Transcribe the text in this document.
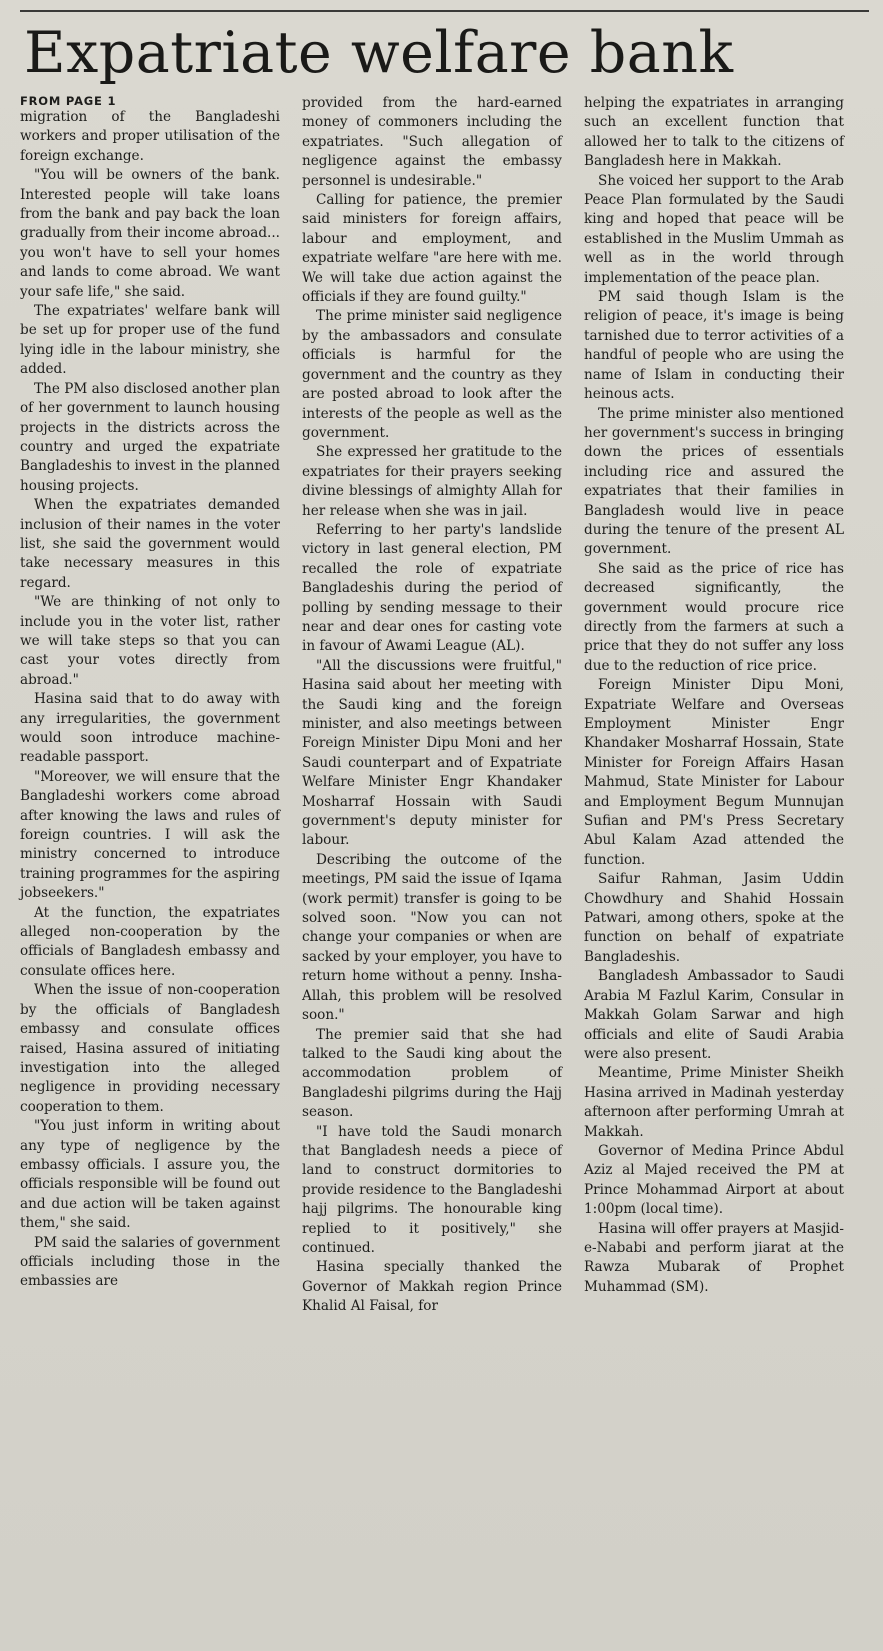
Expatriate welfare bank
FROM PAGE 1

migration of the Bangladeshi workers and proper utilisation of the foreign exchange.

"You will be owners of the bank. Interested people will take loans from the bank and pay back the loan gradually from their income abroad... you won't have to sell your homes and lands to come abroad. We want your safe life," she said.

The expatriates' welfare bank will be set up for proper use of the fund lying idle in the labour ministry, she added.

The PM also disclosed another plan of her government to launch housing projects in the districts across the country and urged the expatriate Bangladeshis to invest in the planned housing projects.

When the expatriates demanded inclusion of their names in the voter list, she said the government would take necessary measures in this regard.

"We are thinking of not only to include you in the voter list, rather we will take steps so that you can cast your votes directly from abroad."

Hasina said that to do away with any irregularities, the government would soon introduce machine-readable passport.

"Moreover, we will ensure that the Bangladeshi workers come abroad after knowing the laws and rules of foreign countries. I will ask the ministry concerned to introduce training programmes for the aspiring jobseekers."

At the function, the expatriates alleged non-cooperation by the officials of Bangladesh embassy and consulate offices here.

When the issue of non-cooperation by the officials of Bangladesh embassy and consulate offices raised, Hasina assured of initiating investigation into the alleged negligence in providing necessary cooperation to them.

"You just inform in writing about any type of negligence by the embassy officials. I assure you, the officials responsible will be found out and due action will be taken against them," she said.

PM said the salaries of government officials including those in the embassies are

provided from the hard-earned money of commoners including the expatriates. "Such allegation of negligence against the embassy personnel is undesirable."

Calling for patience, the premier said ministers for foreign affairs, labour and employment, and expatriate welfare "are here with me. We will take due action against the officials if they are found guilty."

The prime minister said negligence by the ambassadors and consulate officials is harmful for the government and the country as they are posted abroad to look after the interests of the people as well as the government.

She expressed her gratitude to the expatriates for their prayers seeking divine blessings of almighty Allah for her release when she was in jail.

Referring to her party's landslide victory in last general election, PM recalled the role of expatriate Bangladeshis during the period of polling by sending message to their near and dear ones for casting vote in favour of Awami League (AL).

"All the discussions were fruitful," Hasina said about her meeting with the Saudi king and the foreign minister, and also meetings between Foreign Minister Dipu Moni and her Saudi counterpart and of Expatriate Welfare Minister Engr Khandaker Mosharraf Hossain with Saudi government's deputy minister for labour.

Describing the outcome of the meetings, PM said the issue of Iqama (work permit) transfer is going to be solved soon. "Now you can not change your companies or when are sacked by your employer, you have to return home without a penny. Insha-Allah, this problem will be resolved soon."

The premier said that she had talked to the Saudi king about the accommodation problem of Bangladeshi pilgrims during the Hajj season.

"I have told the Saudi monarch that Bangladesh needs a piece of land to construct dormitories to provide residence to the Bangladeshi hajj pilgrims. The honourable king replied to it positively," she continued.

Hasina specially thanked the Governor of Makkah region Prince Khalid Al Faisal, for

helping the expatriates in arranging such an excellent function that allowed her to talk to the citizens of Bangladesh here in Makkah.

She voiced her support to the Arab Peace Plan formulated by the Saudi king and hoped that peace will be established in the Muslim Ummah as well as in the world through implementation of the peace plan.

PM said though Islam is the religion of peace, it's image is being tarnished due to terror activities of a handful of people who are using the name of Islam in conducting their heinous acts.

The prime minister also mentioned her government's success in bringing down the prices of essentials including rice and assured the expatriates that their families in Bangladesh would live in peace during the tenure of the present AL government.

She said as the price of rice has decreased significantly, the government would procure rice directly from the farmers at such a price that they do not suffer any loss due to the reduction of rice price.

Foreign Minister Dipu Moni, Expatriate Welfare and Overseas Employment Minister Engr Khandaker Mosharraf Hossain, State Minister for Foreign Affairs Hasan Mahmud, State Minister for Labour and Employment Begum Munnujan Sufian and PM's Press Secretary Abul Kalam Azad attended the function.

Saifur Rahman, Jasim Uddin Chowdhury and Shahid Hossain Patwari, among others, spoke at the function on behalf of expatriate Bangladeshis.

Bangladesh Ambassador to Saudi Arabia M Fazlul Karim, Consular in Makkah Golam Sarwar and high officials and elite of Saudi Arabia were also present.

Meantime, Prime Minister Sheikh Hasina arrived in Madinah yesterday afternoon after performing Umrah at Makkah.

Governor of Medina Prince Abdul Aziz al Majed received the PM at Prince Mohammad Airport at about 1:00pm (local time).

Hasina will offer prayers at Masjid-e-Nababi and perform jiarat at the Rawza Mubarak of Prophet Muhammad (SM).
